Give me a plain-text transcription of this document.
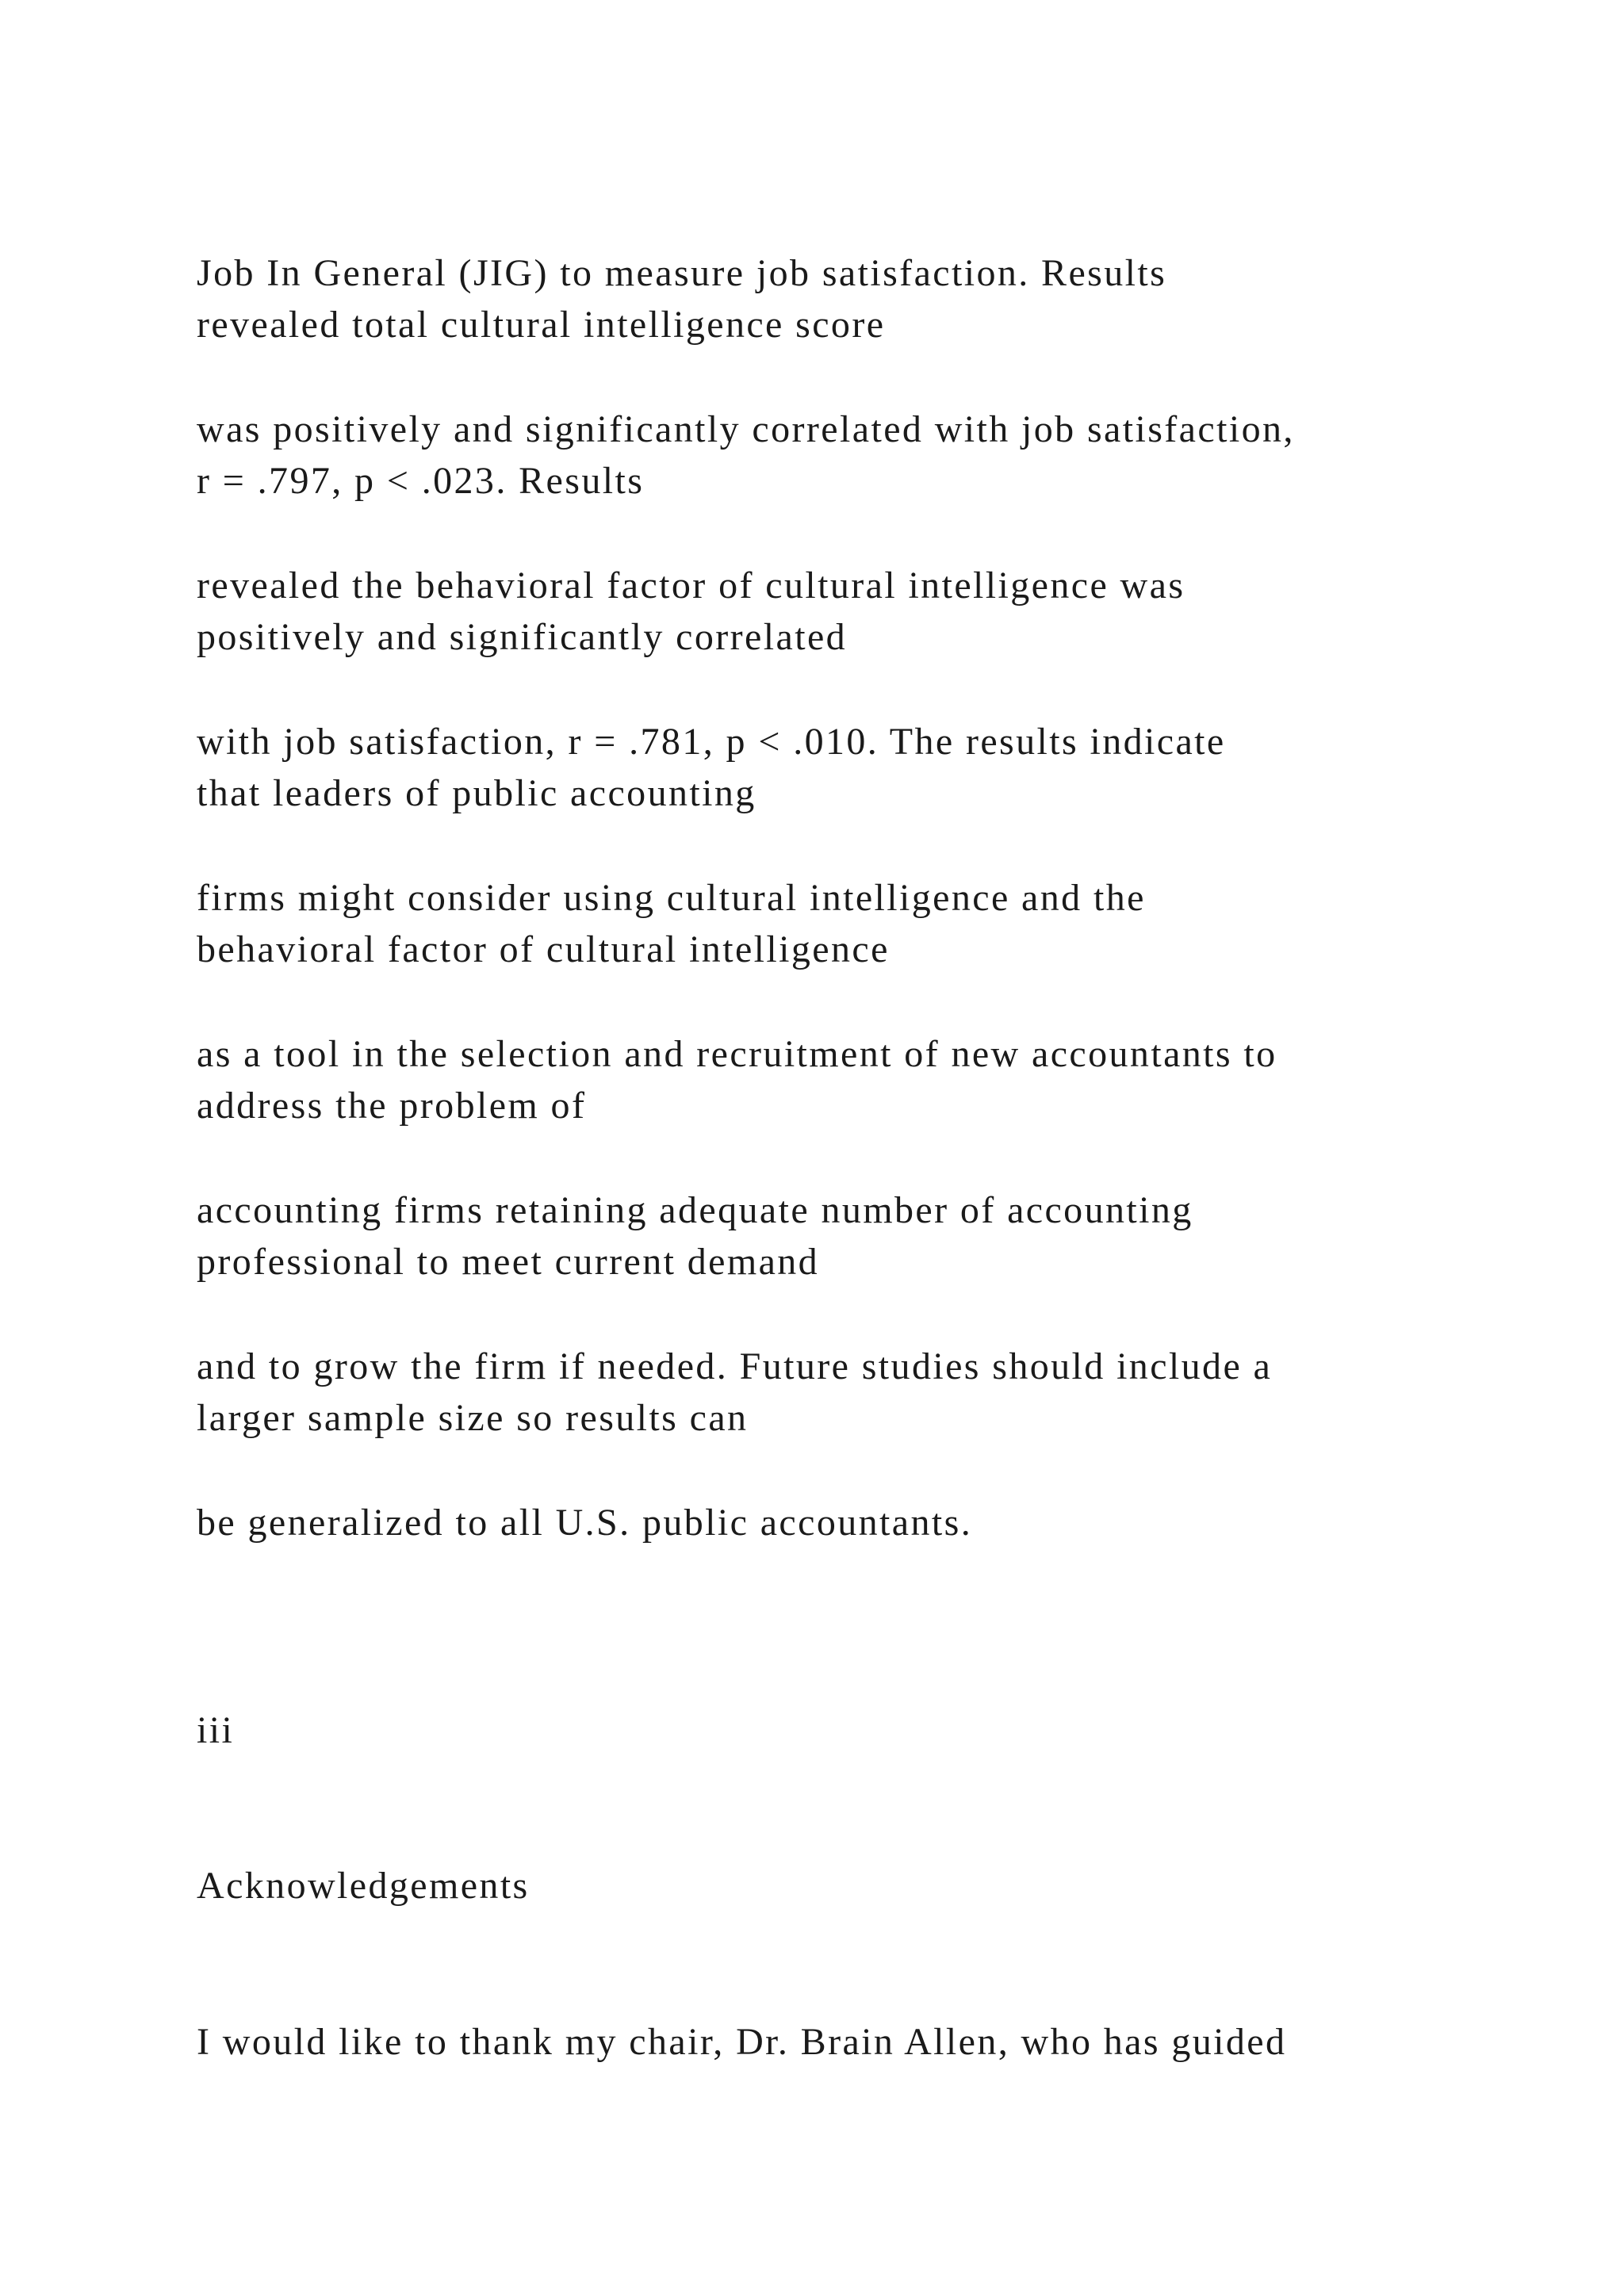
Job In General (JIG) to measure job satisfaction. Results

revealed total cultural intelligence score

was positively and significantly correlated with job satisfaction,

r = .797, p < .023. Results

revealed the behavioral factor of cultural intelligence was

positively and significantly correlated

with job satisfaction, r = .781, p < .010. The results indicate

that leaders of public accounting

firms might consider using cultural intelligence and the

behavioral factor of cultural intelligence

as a tool in the selection and recruitment of new accountants to

address the problem of

accounting firms retaining adequate number of accounting

professional to meet current demand

and to grow the firm if needed. Future studies should include a

larger sample size so results can

be generalized to all U.S. public accountants.

iii

Acknowledgements

I would like to thank my chair, Dr. Brain Allen, who has guided
